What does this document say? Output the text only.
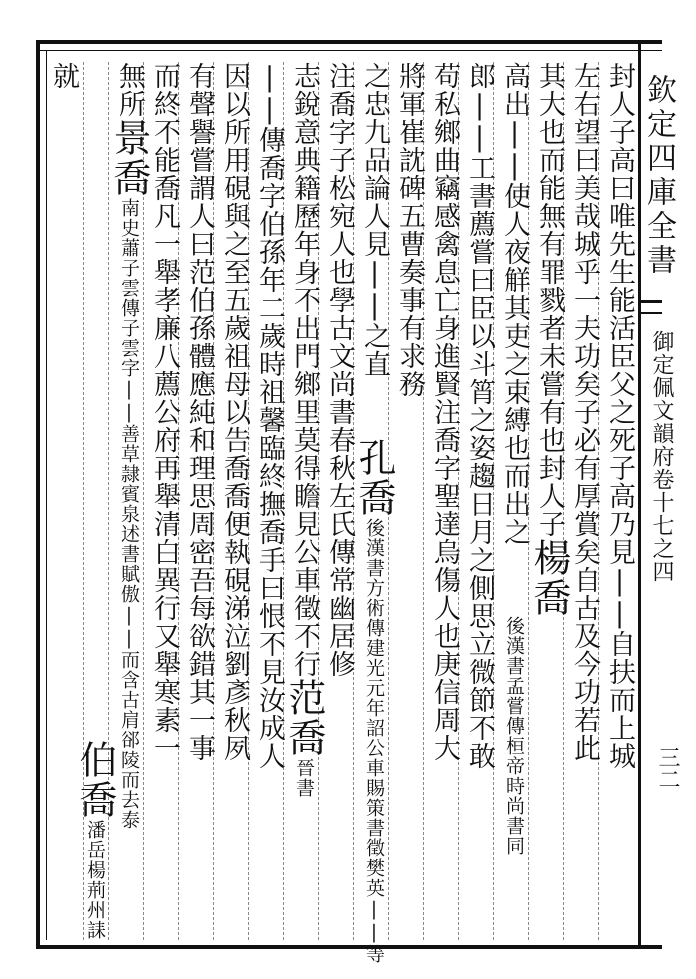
欽定四庫全書
御定佩文韻府卷十七之四
三二
封人子高曰唯先生能活臣父之死子高乃見||自扶而上城
左右望曰美哉城乎一夫功矣子必有厚賞矣自古及今功若此
其大也而能無有罪戮者未嘗有也封人子楊喬
高出||使人夜觧其吏之束縛也而出之後漢書孟嘗傳桓帝時尚書同
郎||工書薦嘗曰臣以斗筲之姿趨日月之側思立微節不敢
苟私鄉曲竊感禽息亡身進賢注喬字聖達烏傷人也庚信周大
將軍崔訦碑五曹奏事有求務
之忠九品論人見||之直孔喬後漢書方術傳建光元年詔公車賜策書徵樊英||等
注喬字子松宛人也學古文尚書春秋左氏傳常幽居修
志銳意典籍歷年身不出門鄉里莫得瞻見公車徵不行范喬晉書
||傳喬字伯孫年二歲時祖馨臨終撫喬手曰恨不見汝成人
因以所用硯與之至五歲祖母以告喬喬便執硯涕泣劉彥秋夙
有聲譽嘗謂人曰范伯孫體應純和理思周密吾每欲錯其一事
而終不能喬凡一舉孝廉八薦公府再舉清白異行又舉寒素一
無所景喬南史蕭子雲傳子雲字||善草隷賓泉述書賦傲||而含古肩郤陵而去泰
就
伯喬潘岳楊荊州誄
